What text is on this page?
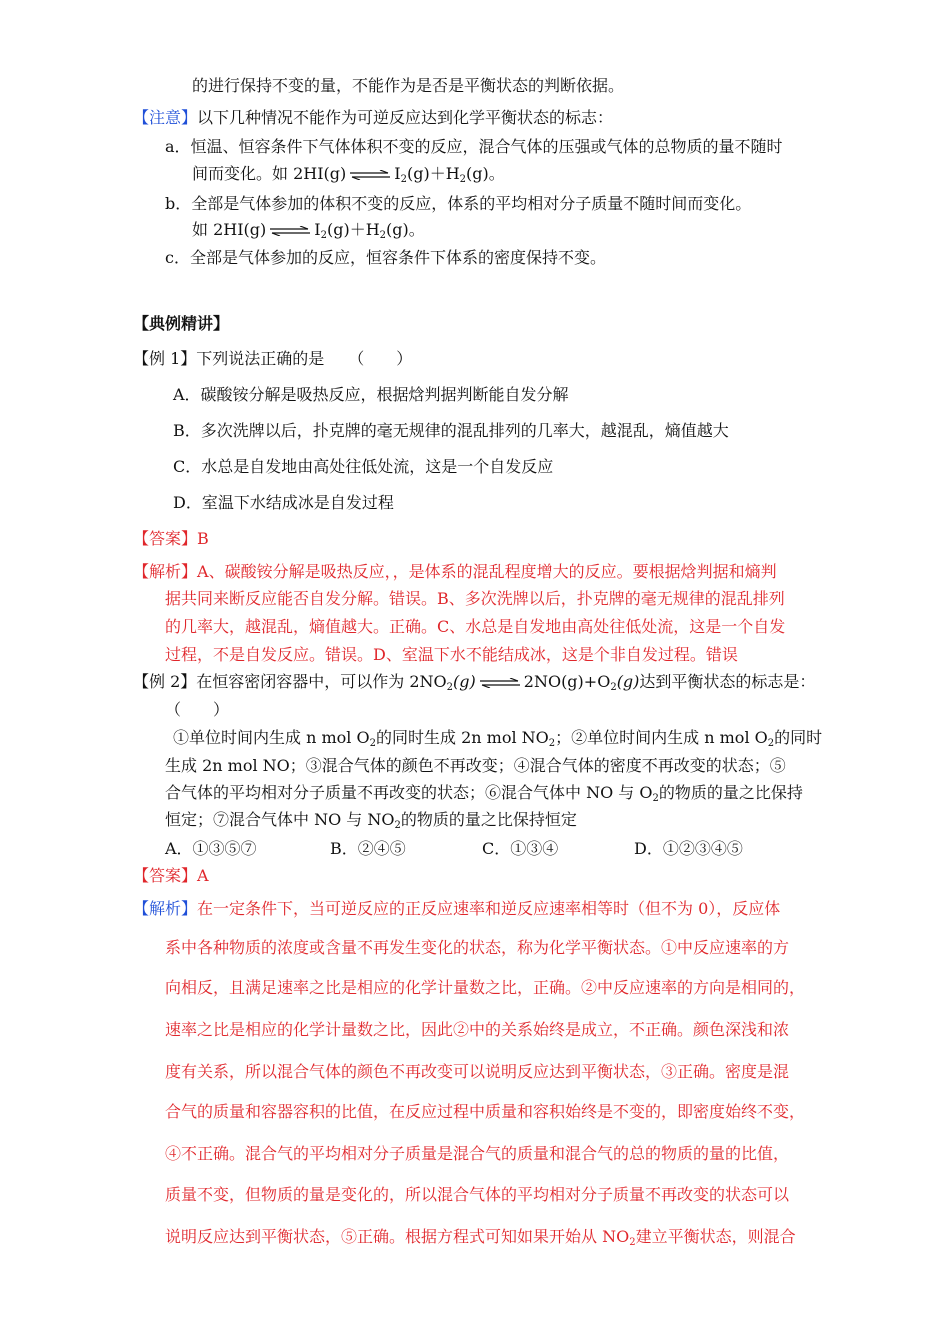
的进行保持不变的量，不能作为是否是平衡状态的判断依据。
【注意】以下几种情况不能作为可逆反应达到化学平衡状态的标志：
a．恒温、恒容条件下气体体积不变的反应，混合气体的压强或气体的总物质的量不随时
间而变化。如 2HI(g) ⇌ $I_2(g)+H_2(g)$。
b．全部是气体参加的体积不变的反应，体系的平均相对分子质量不随时间而变化。
如 2HI(g) ⇌ $I_2(g)+H_2(g)$。
c．全部是气体参加的反应，恒容条件下体系的密度保持不变。
【典例精讲】
【例 1】下列说法正确的是　　（　　）
A．碳酸铵分解是吸热反应，根据焓判据判断能自发分解
B．多次洗牌以后，扑克牌的毫无规律的混乱排列的几率大，越混乱，熵值越大
C．水总是自发地由高处往低处流，这是一个自发反应
D．室温下水结成冰是自发过程
【答案】B
【解析】A、碳酸铵分解是吸热反应，，是体系的混乱程度增大的反应。要根据焓判据和熵判
据共同来断反应能否自发分解。错误。B、多次洗牌以后，扑克牌的毫无规律的混乱排列
的几率大，越混乱，熵值越大。正确。C、水总是自发地由高处往低处流，这是一个自发
过程，不是自发反应。错误。D、室温下水不能结成冰，这是个非自发过程。错误
【例 2】在恒容密闭容器中，可以作为 $2NO_2(g)$ ⇌ $2NO(g)+O_2(g)$达到平衡状态的标志是：
（　　）
①单位时间内生成 n mol $O_2$的同时生成 2n mol $NO_2$；②单位时间内生成 n mol $O_2$的同时
生成 2n mol NO；③混合气体的颜色不再改变；④混合气体的密度不再改变的状态；⑤
合气体的平均相对分子质量不再改变的状态；⑥混合气体中 NO 与 $O_2$的物质的量之比保持
恒定；⑦混合气体中 NO 与 $NO_2$的物质的量之比保持恒定
A．①③⑤⑦	B．②④⑤	C．①③④	D．①②③④⑤
【答案】A
【解析】在一定条件下，当可逆反应的正反应速率和逆反应速率相等时（但不为 0），反应体
系中各种物质的浓度或含量不再发生变化的状态，称为化学平衡状态。①中反应速率的方
向相反，且满足速率之比是相应的化学计量数之比，正确。②中反应速率的方向是相同的，
速率之比是相应的化学计量数之比，因此②中的关系始终是成立，不正确。颜色深浅和浓
度有关系，所以混合气体的颜色不再改变可以说明反应达到平衡状态，③正确。密度是混
合气的质量和容器容积的比值，在反应过程中质量和容积始终是不变的，即密度始终不变，
④不正确。混合气的平均相对分子质量是混合气的质量和混合气的总的物质的量的比值，
质量不变，但物质的量是变化的，所以混合气体的平均相对分子质量不再改变的状态可以
说明反应达到平衡状态，⑤正确。根据方程式可知如果开始从 $NO_2$建立平衡状态，则混合
